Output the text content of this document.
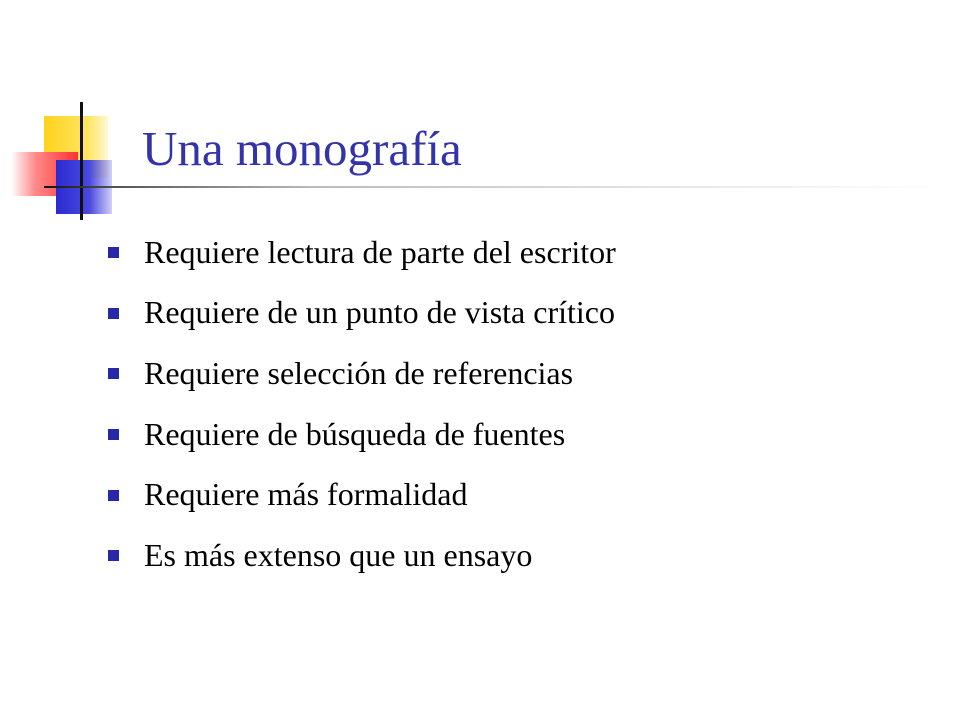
Una monografía
Requiere lectura de parte del escritor
Requiere de un punto de vista crítico
Requiere selección de referencias
Requiere de búsqueda de fuentes
Requiere más formalidad
Es más extenso que un ensayo
